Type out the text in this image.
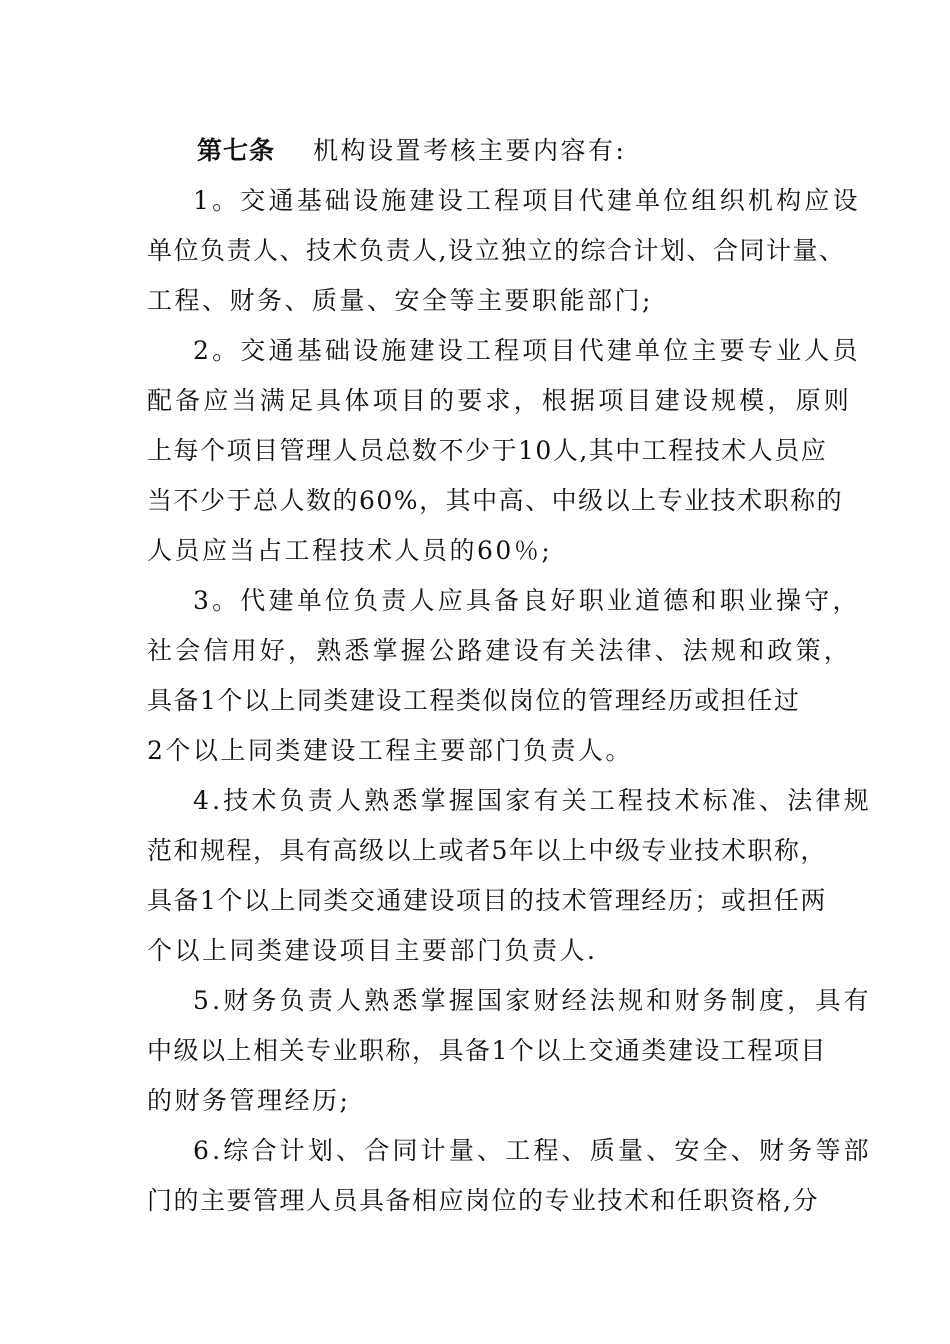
第七条 机构设置考核主要内容有:
1。交通基础设施建设工程项目代建单位组织机构应设
单位负责人、技术负责人,设立独立的综合计划、合同计量、
工程、财务、质量、安全等主要职能部门;
2。交通基础设施建设工程项目代建单位主要专业人员
配备应当满足具体项目的要求，根据项目建设规模，原则
上每个项目管理人员总数不少于10人,其中工程技术人员应
当不少于总人数的60%，其中高、中级以上专业技术职称的
人员应当占工程技术人员的60％;
3。代建单位负责人应具备良好职业道德和职业操守，
社会信用好，熟悉掌握公路建设有关法律、法规和政策，
具备1个以上同类建设工程类似岗位的管理经历或担任过
2个以上同类建设工程主要部门负责人。
4.技术负责人熟悉掌握国家有关工程技术标准、法律规
范和规程，具有高级以上或者5年以上中级专业技术职称，
具备1个以上同类交通建设项目的技术管理经历；或担任两
个以上同类建设项目主要部门负责人.
5.财务负责人熟悉掌握国家财经法规和财务制度，具有
中级以上相关专业职称，具备1个以上交通类建设工程项目
的财务管理经历;
6.综合计划、合同计量、工程、质量、安全、财务等部
门的主要管理人员具备相应岗位的专业技术和任职资格,分
